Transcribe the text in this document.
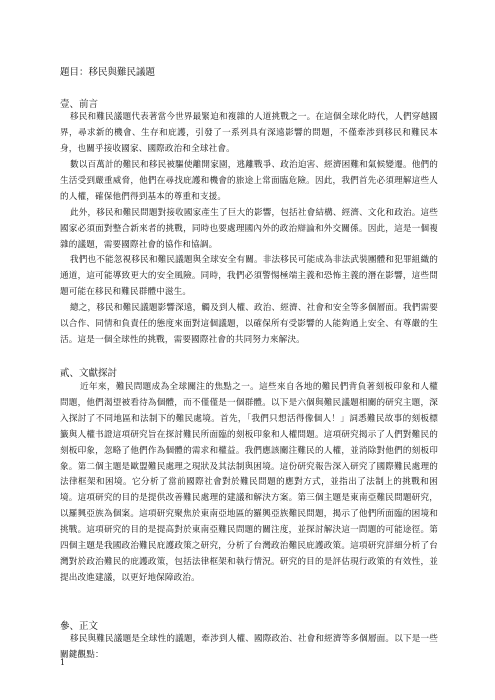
題目：移民與難民議題
壹、前言

移民和難民議題代表著當今世界最緊迫和複雜的人道挑戰之一。在這個全球化時代，人們穿越國界，尋求新的機會、生存和庇護，引發了一系列具有深遠影響的問題，不僅牽涉到移民和難民本身，也關乎接收國家、國際政治和全球社會。

數以百萬計的難民和移民被驅使離開家園，逃離戰爭、政治迫害、經濟困難和氣候變遷。他們的生活受到嚴重威脅，他們在尋找庇護和機會的旅途上常面臨危險。因此，我們首先必須理解這些人的人權，確保他們得到基本的尊重和支援。

此外，移民和難民問題對接收國家產生了巨大的影響，包括社會結構、經濟、文化和政治。這些國家必須面對整合新來者的挑戰，同時也要處理國內外的政治辯論和外交關係。因此，這是一個複雜的議題，需要國際社會的協作和協調。

我們也不能忽視移民和難民議題與全球安全有關。非法移民可能成為非法武裝團體和犯罪組織的通道，這可能導致更大的安全風險。同時，我們必須警惕極端主義和恐怖主義的潛在影響，這些問題可能在移民和難民群體中滋生。

總之，移民和難民議題影響深遠，觸及到人權、政治、經濟、社會和安全等多個層面。我們需要以合作、同情和負責任的態度來面對這個議題，以確保所有受影響的人能夠過上安全、有尊嚴的生活。這是一個全球性的挑戰，需要國際社會的共同努力來解決。

貳、文獻探討

近年來，難民問題成為全球關注的焦點之一。這些來自各地的難民們背負著刻板印象和人權問題，他們渴望被看待為個體，而不僅僅是一個群體。以下是六個與難民議題相關的研究主題，深入探討了不同地區和法制下的難民處境。首先，「我們只想活得像個人！」詞悉難民故事的刻板標籤與人權书證這項研究旨在探討難民所面臨的刻板印象和人權問題。這項研究揭示了人們對難民的刻板印象，忽略了他們作為個體的需求和權益。我們應該關注難民的人權，並消除對他們的刻板印象。第二個主題是歐盟難民處理之現狀及其法制與困境。這份研究報告深入研究了國際難民處理的法律框架和困境。它分析了當前國際社會對於難民問題的應對方式，並指出了法制上的挑戰和困境。這項研究的目的是提供改善難民處理的建議和解決方案。第三個主題是東南亞難民問題研究，以羅興亞族為個案。這項研究聚焦於東南亞地區的羅興亞族難民問題，揭示了他們所面臨的困境和挑戰。這項研究的目的是提高對於東南亞難民問題的關注度，並探討解決這一問題的可能途徑。第四個主題是我國政治難民庇護政策之研究，分析了台灣政治難民庇護政策。這項研究詳細分析了台灣對於政治難民的庇護政策，包括法律框架和執行情況。研究的目的是評估現行政策的有效性，並提出改進建議，以更好地保障政治。

參、正文

移民與難民議題是全球性的議題，牽涉到人權、國際政治、社會和經濟等多個層面。以下是一些關鍵觀點：

1
